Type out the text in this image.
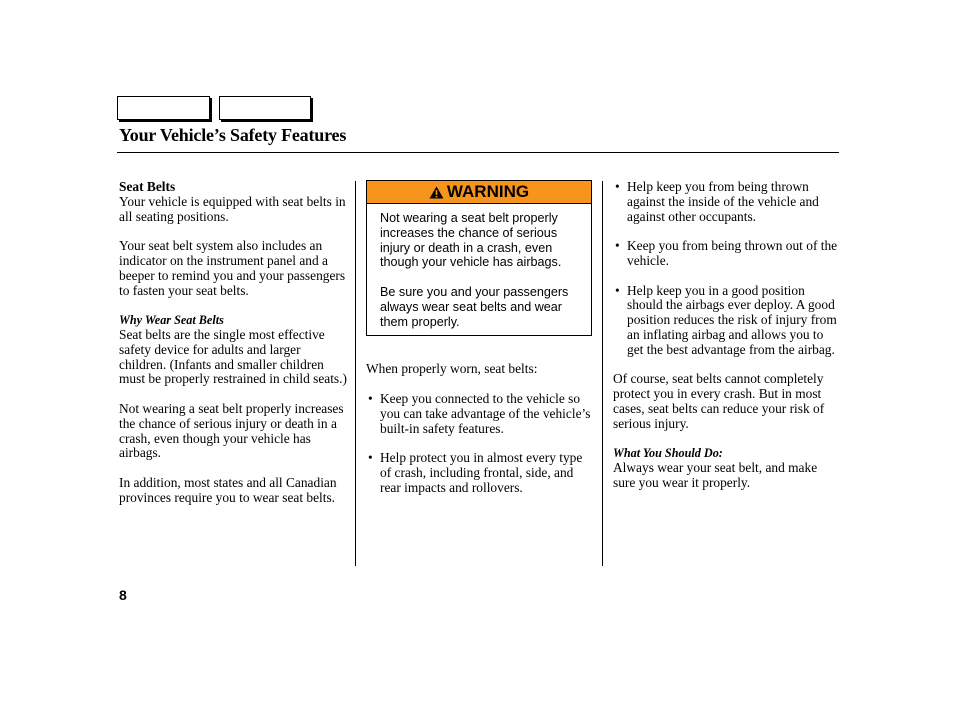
Your Vehicle’s Safety Features
Seat Belts

Your vehicle is equipped with seat belts in all seating positions.

Your seat belt system also includes an indicator on the instrument panel and a beeper to remind you and your passengers to fasten your seat belts.

Why Wear Seat Belts

Seat belts are the single most effective safety device for adults and larger children. (Infants and smaller children must be properly restrained in child seats.)

Not wearing a seat belt properly increases the chance of serious injury or death in a crash, even though your vehicle has airbags.

In addition, most states and all Canadian provinces require you to wear seat belts.

WARNING

Not wearing a seat belt properly increases the chance of serious injury or death in a crash, even though your vehicle has airbags.

Be sure you and your passengers always wear seat belts and wear them properly.

When properly worn, seat belts:

• Keep you connected to the vehicle so you can take advantage of the vehicle’s built-in safety features.
• Help protect you in almost every type of crash, including frontal, side, and rear impacts and rollovers.
• Help keep you from being thrown against the inside of the vehicle and against other occupants.
• Keep you from being thrown out of the vehicle.
• Help keep you in a good position should the airbags ever deploy. A good position reduces the risk of injury from an inflating airbag and allows you to get the best advantage from the airbag.

Of course, seat belts cannot completely protect you in every crash. But in most cases, seat belts can reduce your risk of serious injury.

What You Should Do:

Always wear your seat belt, and make sure you wear it properly.

8
